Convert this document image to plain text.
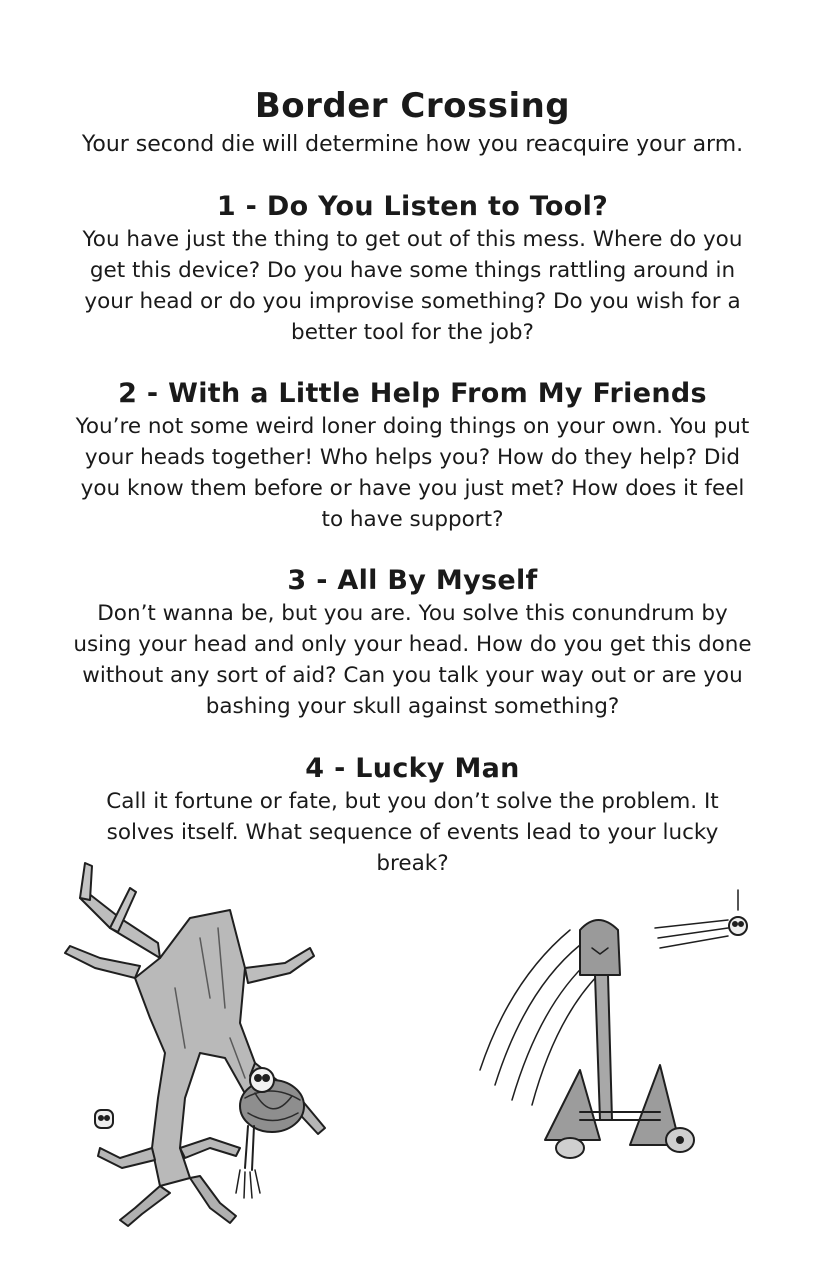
Border Crossing

Your second die will determine how you reacquire your arm.

1 - Do You Listen to Tool?

You have just the thing to get out of this mess. Where do you get this device? Do you have some things rattling around in your head or do you improvise something? Do you wish for a better tool for the job?

2 - With a Little Help From My Friends

You’re not some weird loner doing things on your own. You put your heads together! Who helps you? How do they help? Did you know them before or have you just met? How does it feel to have support?

3 - All By Myself

Don’t wanna be, but you are. You solve this conundrum by using your head and only your head. How do you get this done without any sort of aid? Can you talk your way out or are you bashing your skull against something?

4 - Lucky Man

Call it fortune or fate, but you don’t solve the problem. It solves itself. What sequence of events lead to your lucky break?
